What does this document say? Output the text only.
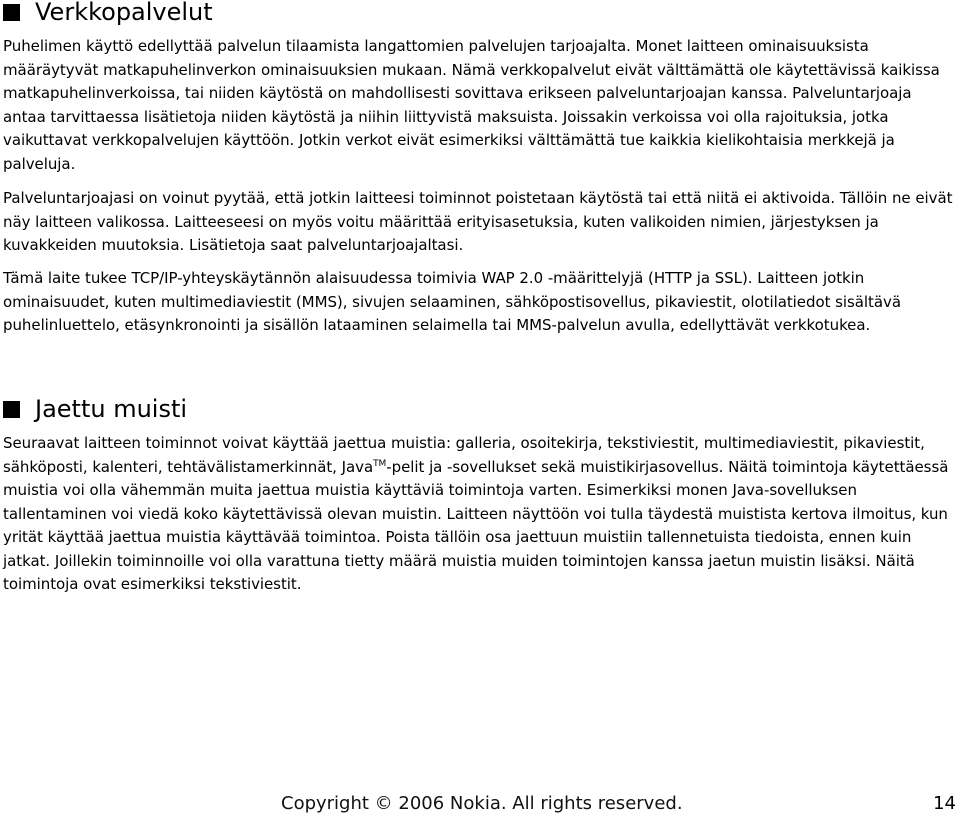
Verkkopalvelut

Puhelimen käyttö edellyttää palvelun tilaamista langattomien palvelujen tarjoajalta. Monet laitteen ominaisuuksista määräytyvät matkapuhelinverkon ominaisuuksien mukaan. Nämä verkkopalvelut eivät välttämättä ole käytettävissä kaikissa matkapuhelinverkoissa, tai niiden käytöstä on mahdollisesti sovittava erikseen palveluntarjoajan kanssa. Palveluntarjoaja antaa tarvittaessa lisätietoja niiden käytöstä ja niihin liittyvistä maksuista. Joissakin verkoissa voi olla rajoituksia, jotka vaikuttavat verkkopalvelujen käyttöön. Jotkin verkot eivät esimerkiksi välttämättä tue kaikkia kielikohtaisia merkkejä ja palveluja.

Palveluntarjoajasi on voinut pyytää, että jotkin laitteesi toiminnot poistetaan käytöstä tai että niitä ei aktivoida. Tällöin ne eivät näy laitteen valikossa. Laitteeseesi on myös voitu määrittää erityisasetuksia, kuten valikoiden nimien, järjestyksen ja kuvakkeiden muutoksia. Lisätietoja saat palveluntarjoajaltasi.

Tämä laite tukee TCP/IP-yhteyskäytännön alaisuudessa toimivia WAP 2.0 -määrittelyjä (HTTP ja SSL). Laitteen jotkin ominaisuudet, kuten multimediaviestit (MMS), sivujen selaaminen, sähköpostisovellus, pikaviestit, olotilatiedot sisältävä puhelinluettelo, etäsynkronointi ja sisällön lataaminen selaimella tai MMS-palvelun avulla, edellyttävät verkkotukea.

Jaettu muisti

Seuraavat laitteen toiminnot voivat käyttää jaettua muistia: galleria, osoitekirja, tekstiviestit, multimediaviestit, pikaviestit, sähköposti, kalenteri, tehtävälistamerkinnät, Java™-pelit ja -sovellukset sekä muistikirjasovellus. Näitä toimintoja käytettäessä muistia voi olla vähemmän muita jaettua muistia käyttäviä toimintoja varten. Esimerkiksi monen Java-sovelluksen tallentaminen voi viedä koko käytettävissä olevan muistin. Laitteen näyttöön voi tulla täydestä muistista kertova ilmoitus, kun yrität käyttää jaettua muistia käyttävää toimintoa. Poista tällöin osa jaettuun muistiin tallennetuista tiedoista, ennen kuin jatkat. Joillekin toiminnoille voi olla varattuna tietty määrä muistia muiden toimintojen kanssa jaetun muistin lisäksi. Näitä toimintoja ovat esimerkiksi tekstiviestit.

Copyright © 2006 Nokia. All rights reserved.	14
